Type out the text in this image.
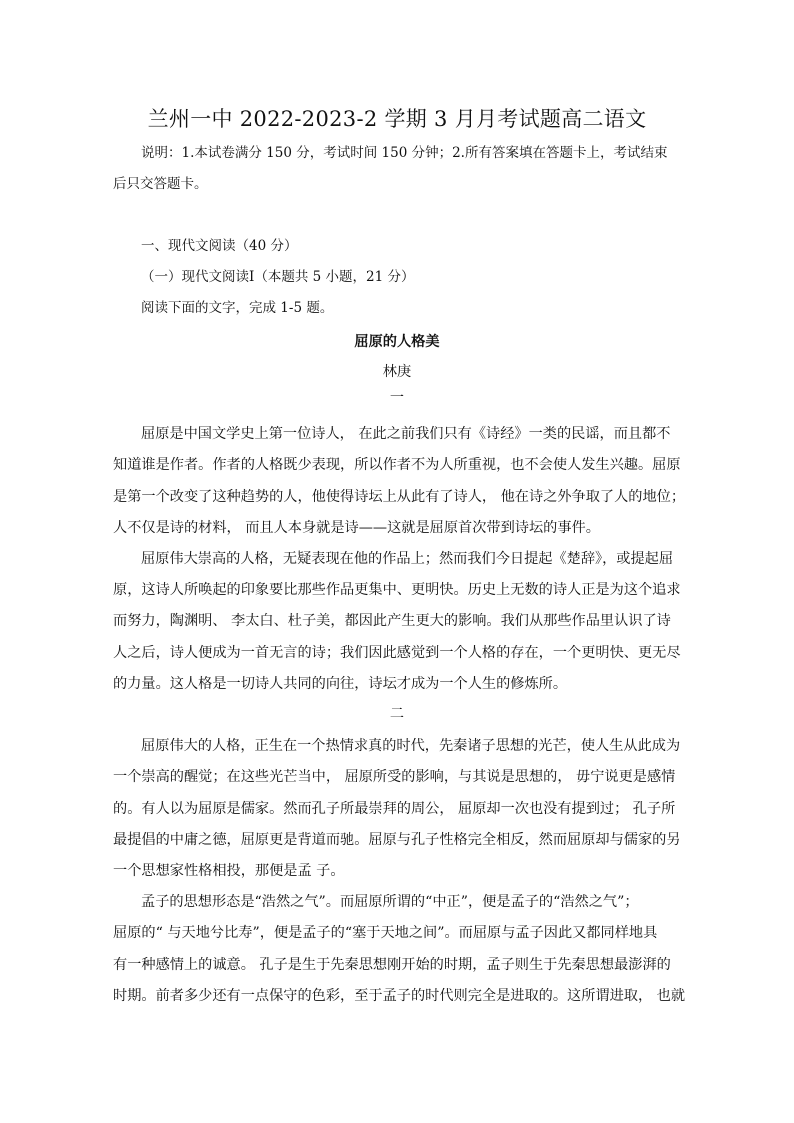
兰州一中 2022-2023-2 学期 3 月月考试题高二语文
说明：1.本试卷满分 150 分，考试时间 150 分钟；2.所有答案填在答题卡上，考试结束
后只交答题卡。
一、现代文阅读（40 分）
（一）现代文阅读Ⅰ（本题共 5 小题，21 分）
阅读下面的文字，完成 1-5 题。
屈原的人格美
林庚
一
屈原是中国文学史上第一位诗人， 在此之前我们只有《诗经》一类的民谣，而且都不
知道谁是作者。作者的人格既少表现，所以作者不为人所重视，也不会使人发生兴趣。屈原
是第一个改变了这种趋势的人，他使得诗坛上从此有了诗人， 他在诗之外争取了人的地位；
人不仅是诗的材料， 而且人本身就是诗——这就是屈原首次带到诗坛的事件。
屈原伟大崇高的人格，无疑表现在他的作品上；然而我们今日提起《楚辞》，或提起屈
原，这诗人所唤起的印象要比那些作品更集中、更明快。历史上无数的诗人正是为这个追求
而努力，陶渊明、 李太白、杜子美，都因此产生更大的影响。我们从那些作品里认识了诗
人之后，诗人便成为一首无言的诗；我们因此感觉到一个人格的存在，一个更明快、更无尽
的力量。这人格是一切诗人共同的向往，诗坛才成为一个人生的修炼所。
二
屈原伟大的人格，正生在一个热情求真的时代，先秦诸子思想的光芒，使人生从此成为
一个崇高的醒觉；在这些光芒当中， 屈原所受的影响，与其说是思想的， 毋宁说更是感情
的。有人以为屈原是儒家。然而孔子所最崇拜的周公， 屈原却一次也没有提到过； 孔子所
最提倡的中庸之德，屈原更是背道而驰。屈原与孔子性格完全相反，然而屈原却与儒家的另
一个思想家性格相投，那便是孟 子。
孟子的思想形态是“浩然之气”。而屈原所谓的“中正”，便是孟子的“浩然之气”；
屈原的“ 与天地兮比寿”，便是孟子的“塞于天地之间”。而屈原与孟子因此又都同样地具
有一种感情上的诚意。 孔子是生于先秦思想刚开始的时期，孟子则生于先秦思想最澎湃的
时期。前者多少还有一点保守的色彩，至于孟子的时代则完全是进取的。这所谓进取， 也就
